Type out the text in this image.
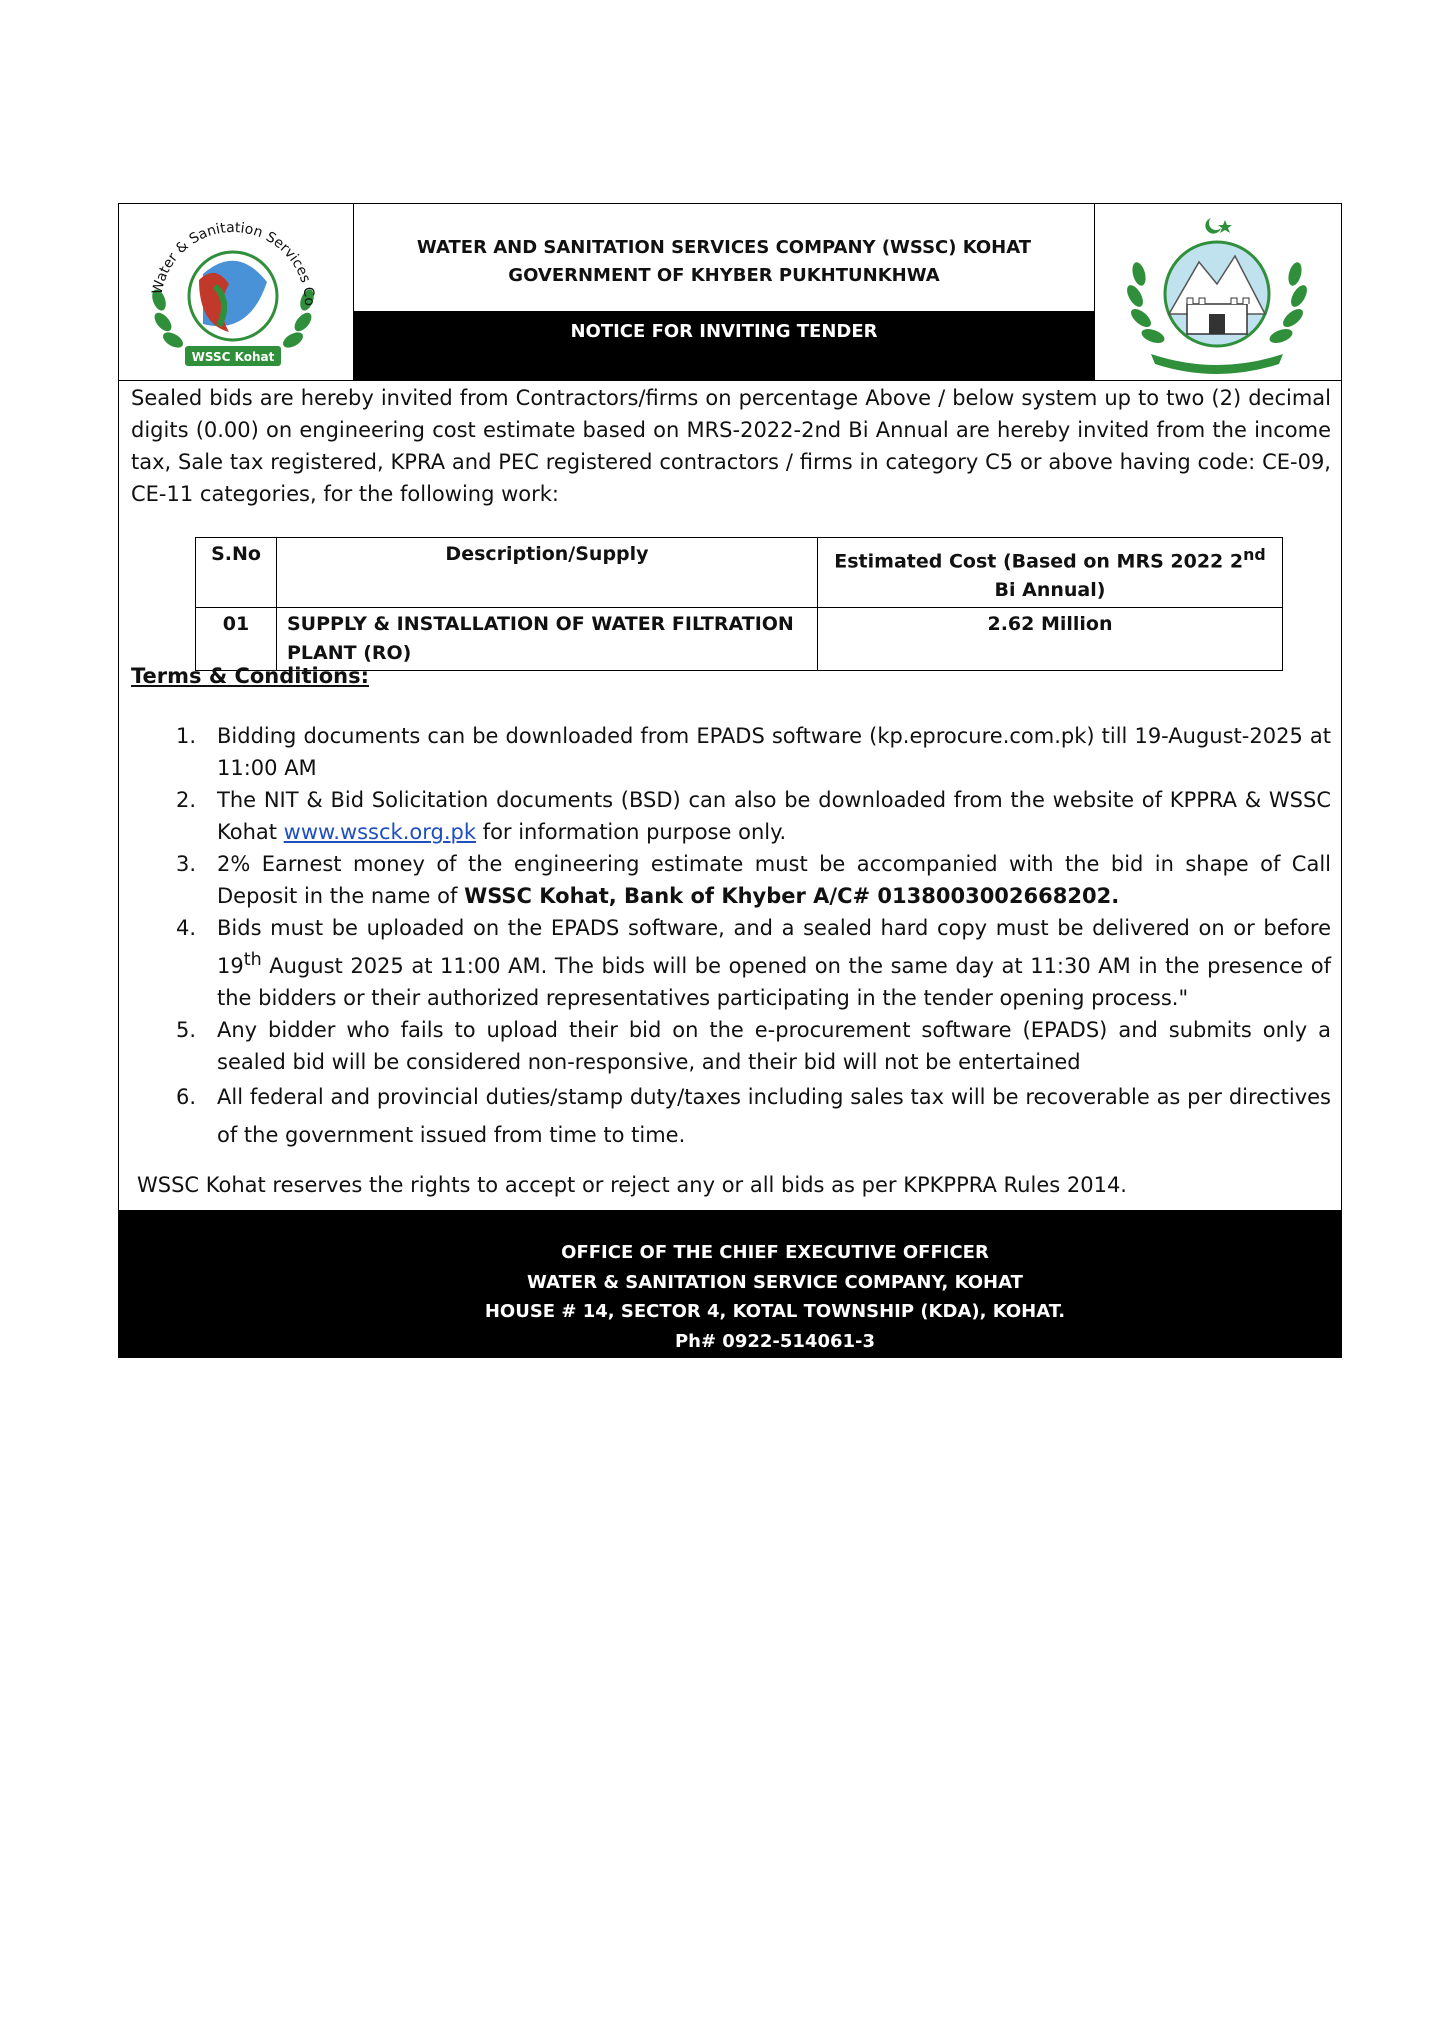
Water & Sanitation Services Co
WSSC Kohat
WATER AND SANITATION SERVICES COMPANY (WSSC) KOHAT
GOVERNMENT OF KHYBER PUKHTUNKHWA
NOTICE FOR INVITING TENDER
Sealed bids are hereby invited from Contractors/firms on percentage Above / below system up to two (2) decimal digits (0.00) on engineering cost estimate based on MRS-2022-2nd Bi Annual are hereby invited from the income tax, Sale tax registered, KPRA and PEC registered contractors / firms in category C5 or above having code: CE-09, CE-11 categories, for the following work:
S.No	Description/Supply	Estimated Cost (Based on MRS 2022 2nd Bi Annual)
01	SUPPLY & INSTALLATION OF WATER FILTRATION PLANT (RO)	2.62 Million
Terms & Conditions:
1. Bidding documents can be downloaded from EPADS software (kp.eprocure.com.pk) till 19-August-2025 at 11:00 AM
2. The NIT & Bid Solicitation documents (BSD) can also be downloaded from the website of KPPRA & WSSC Kohat www.wssck.org.pk for information purpose only.
3. 2% Earnest money of the engineering estimate must be accompanied with the bid in shape of Call Deposit in the name of WSSC Kohat, Bank of Khyber A/C# 0138003002668202.
4. Bids must be uploaded on the EPADS software, and a sealed hard copy must be delivered on or before 19th August 2025 at 11:00 AM. The bids will be opened on the same day at 11:30 AM in the presence of the bidders or their authorized representatives participating in the tender opening process."
5. Any bidder who fails to upload their bid on the e-procurement software (EPADS) and submits only a sealed bid will be considered non-responsive, and their bid will not be entertained
6. All federal and provincial duties/stamp duty/taxes including sales tax will be recoverable as per directives of the government issued from time to time.
WSSC Kohat reserves the rights to accept or reject any or all bids as per KPKPPRA Rules 2014.
OFFICE OF THE CHIEF EXECUTIVE OFFICER
WATER & SANITATION SERVICE COMPANY, KOHAT
HOUSE # 14, SECTOR 4, KOTAL TOWNSHIP (KDA), KOHAT.
Ph# 0922-514061-3
